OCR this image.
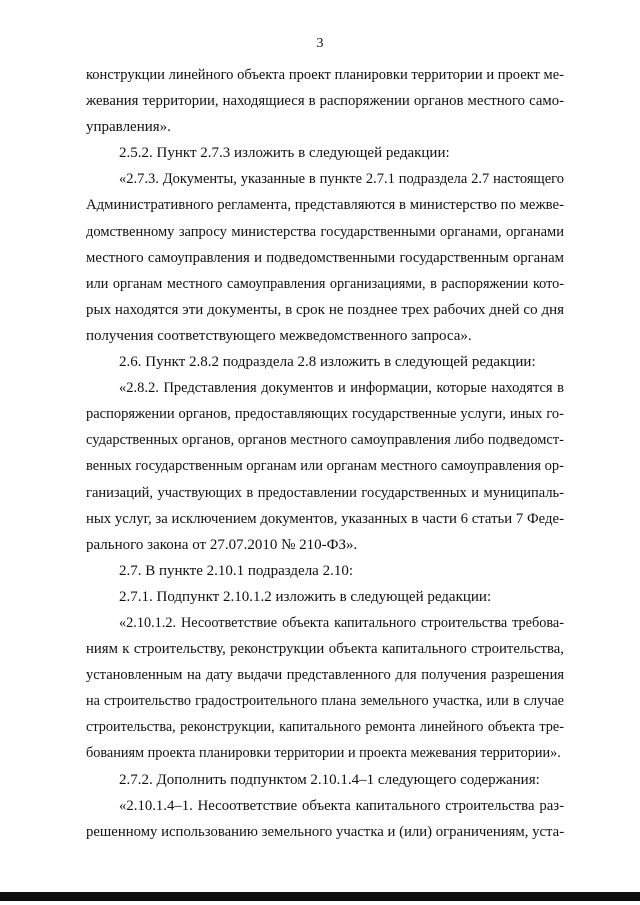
3
конструкции линейного объекта проект планировки территории и проект ме-
жевания территории, находящиеся в распоряжении органов местного само-
управления».
2.5.2. Пункт 2.7.3 изложить в следующей редакции:
«2.7.3. Документы, указанные в пункте 2.7.1 подраздела 2.7 настоящего
Административного регламента, представляются в министерство по межве-
домственному запросу министерства государственными органами, органами
местного самоуправления и подведомственными государственным органам
или органам местного самоуправления организациями, в распоряжении кото-
рых находятся эти документы, в срок не позднее трех рабочих дней со дня
получения соответствующего межведомственного запроса».
2.6. Пункт 2.8.2 подраздела 2.8 изложить в следующей редакции:
«2.8.2. Представления документов и информации, которые находятся в
распоряжении органов, предоставляющих государственные услуги, иных го-
сударственных органов, органов местного самоуправления либо подведомст-
венных государственным органам или органам местного самоуправления ор-
ганизаций, участвующих в предоставлении государственных и муниципаль-
ных услуг, за исключением документов, указанных в части 6 статьи 7 Феде-
рального закона от 27.07.2010 № 210-ФЗ».
2.7. В пункте 2.10.1 подраздела 2.10:
2.7.1. Подпункт 2.10.1.2 изложить в следующей редакции:
«2.10.1.2. Несоответствие объекта капитального строительства требова-
ниям к строительству, реконструкции объекта капитального строительства,
установленным на дату выдачи представленного для получения разрешения
на строительство градостроительного плана земельного участка, или в случае
строительства, реконструкции, капитального ремонта линейного объекта тре-
бованиям проекта планировки территории и проекта межевания территории».
2.7.2. Дополнить подпунктом 2.10.1.4–1 следующего содержания:
«2.10.1.4–1. Несоответствие объекта капитального строительства раз-
решенному использованию земельного участка и (или) ограничениям, уста-
